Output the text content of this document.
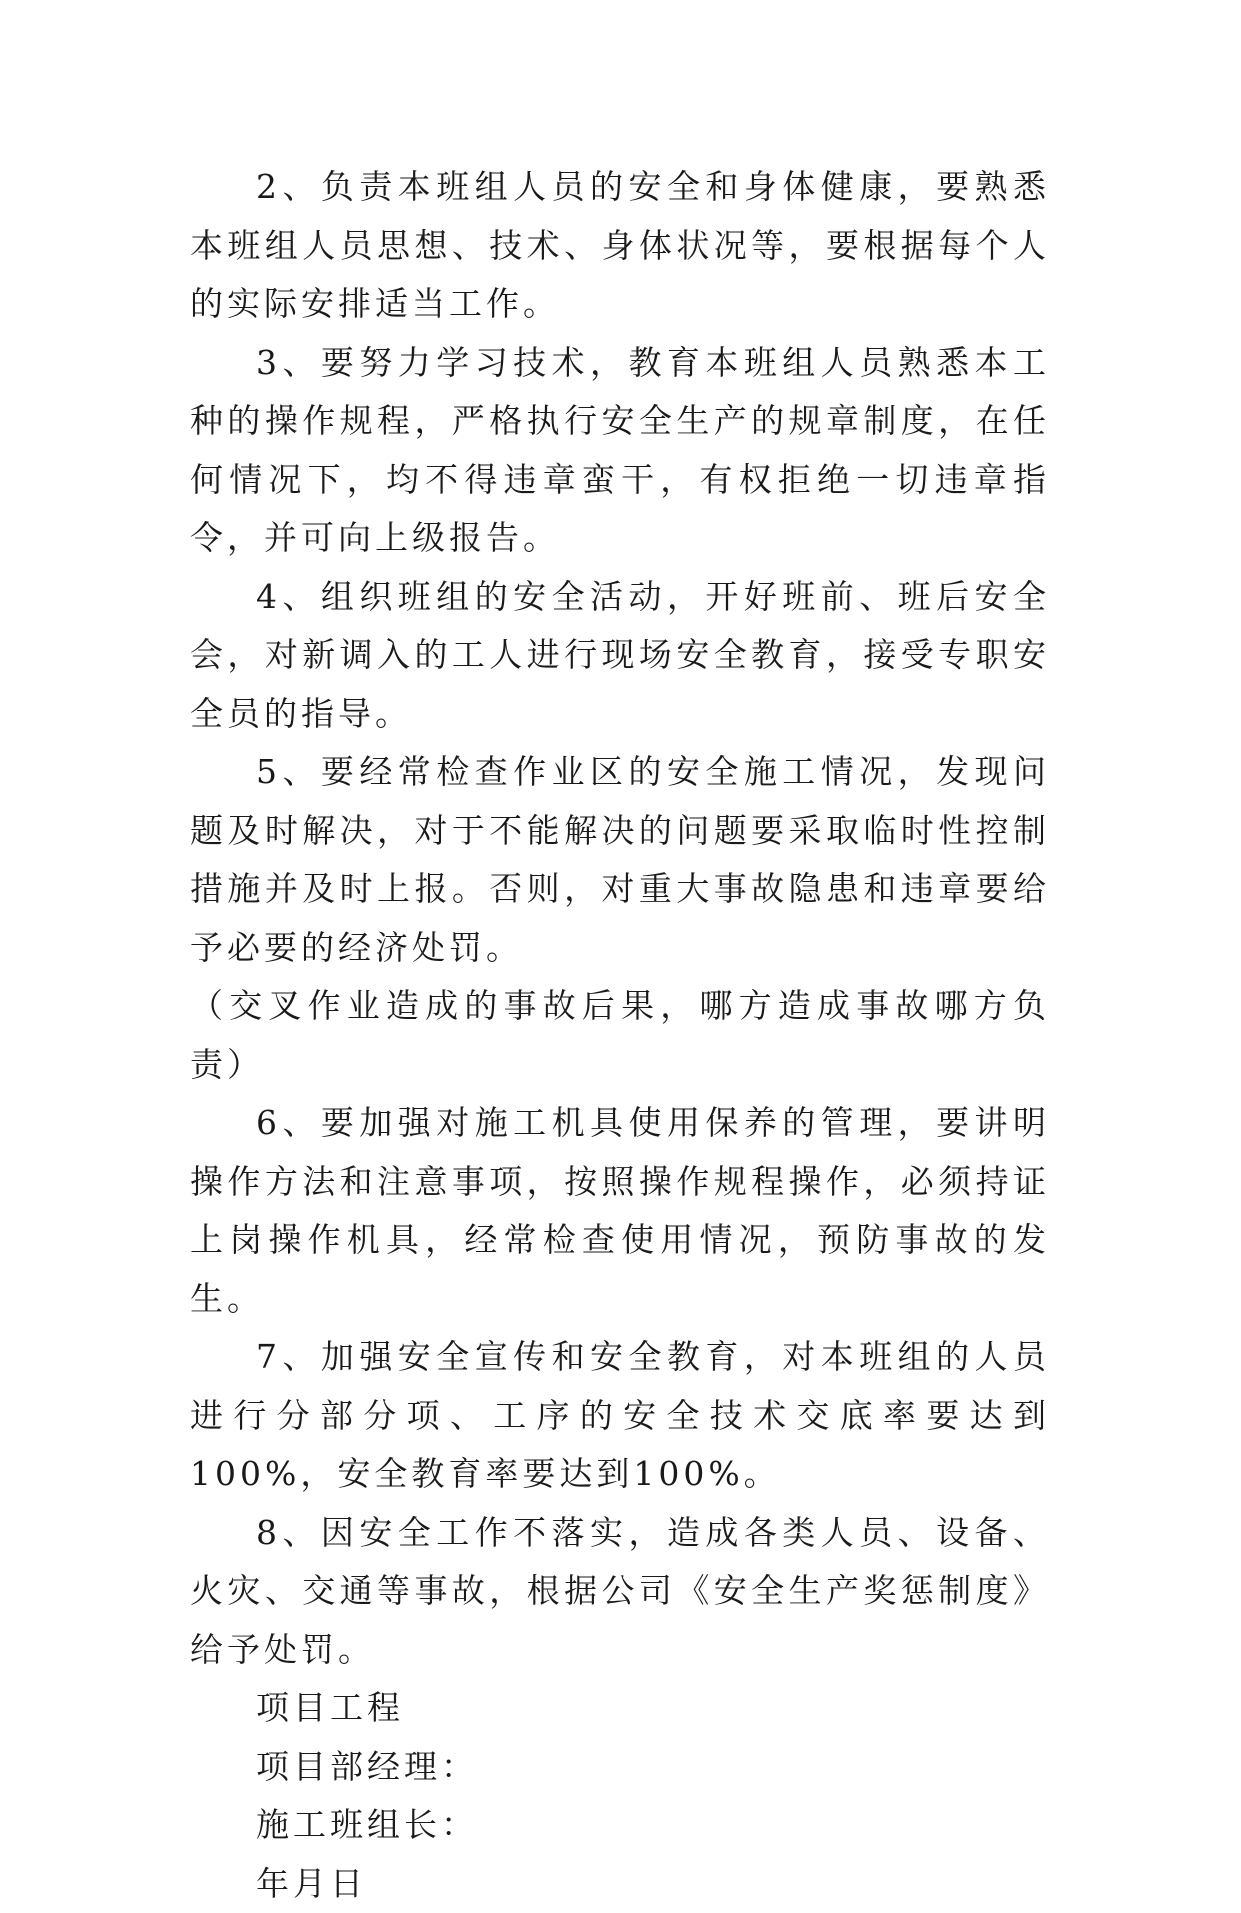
2、负责本班组人员的安全和身体健康，要熟悉本班组人员思想、技术、身体状况等，要根据每个人的实际安排适当工作。

3、要努力学习技术，教育本班组人员熟悉本工种的操作规程，严格执行安全生产的规章制度，在任何情况下，均不得违章蛮干，有权拒绝一切违章指令，并可向上级报告。

4、组织班组的安全活动，开好班前、班后安全会，对新调入的工人进行现场安全教育，接受专职安全员的指导。

5、要经常检查作业区的安全施工情况，发现问题及时解决，对于不能解决的问题要采取临时性控制措施并及时上报。否则，对重大事故隐患和违章要给予必要的经济处罚。

（交叉作业造成的事故后果，哪方造成事故哪方负责）

6、要加强对施工机具使用保养的管理，要讲明操作方法和注意事项，按照操作规程操作，必须持证上岗操作机具，经常检查使用情况，预防事故的发生。

7、加强安全宣传和安全教育，对本班组的人员进行分部分项、工序的安全技术交底率要达到100%，安全教育率要达到100%。

8、因安全工作不落实，造成各类人员、设备、火灾、交通等事故，根据公司《安全生产奖惩制度》给予处罚。

项目工程

项目部经理：

施工班组长：

年月日
